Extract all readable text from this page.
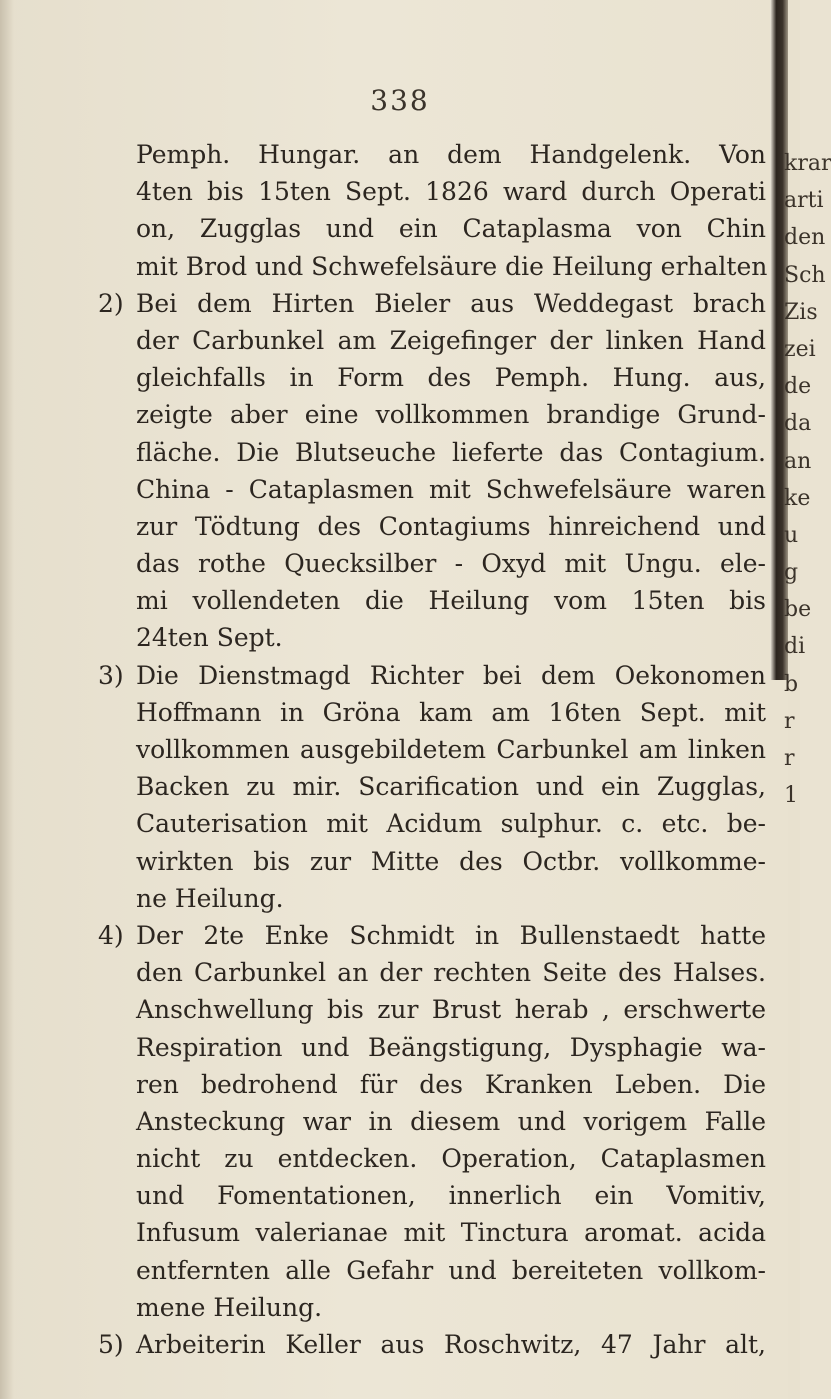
338
Pemph. Hungar. an dem Handgelenk. Von
4ten bis 15ten Sept. 1826 ward durch Operati
on, Zugglas und ein Cataplasma von Chin
mit Brod und Schwefelsäure die Heilung erhalten
2) Bei dem Hirten Bieler aus Weddegast brach
der Carbunkel am Zeigefinger der linken Hand
gleichfalls in Form des Pemph. Hung. aus,
zeigte aber eine vollkommen brandige Grund-
fläche. Die Blutseuche lieferte das Contagium.
China - Cataplasmen mit Schwefelsäure waren
zur Tödtung des Contagiums hinreichend und
das rothe Quecksilber - Oxyd mit Ungu. ele-
mi vollendeten die Heilung vom 15ten bis
24ten Sept.
3) Die Dienstmagd Richter bei dem Oekonomen
Hoffmann in Gröna kam am 16ten Sept. mit
vollkommen ausgebildetem Carbunkel am linken
Backen zu mir. Scarification und ein Zugglas,
Cauterisation mit Acidum sulphur. c. etc. be-
wirkten bis zur Mitte des Octbr. vollkomme-
ne Heilung.
4) Der 2te Enke Schmidt in Bullenstaedt hatte
den Carbunkel an der rechten Seite des Halses.
Anschwellung bis zur Brust herab , erschwerte
Respiration und Beängstigung, Dysphagie wa-
ren bedrohend für des Kranken Leben. Die
Ansteckung war in diesem und vorigem Falle
nicht zu entdecken. Operation, Cataplasmen
und Fomentationen, innerlich ein Vomitiv,
Infusum valerianae mit Tinctura aromat. acida
entfernten alle Gefahr und bereiteten vollkom-
mene Heilung.
5) Arbeiterin Keller aus Roschwitz, 47 Jahr alt,
krar
arti
den
Sch
Zis
zei
de
da
an
ke
u
g
be
di
b
r
r
1
